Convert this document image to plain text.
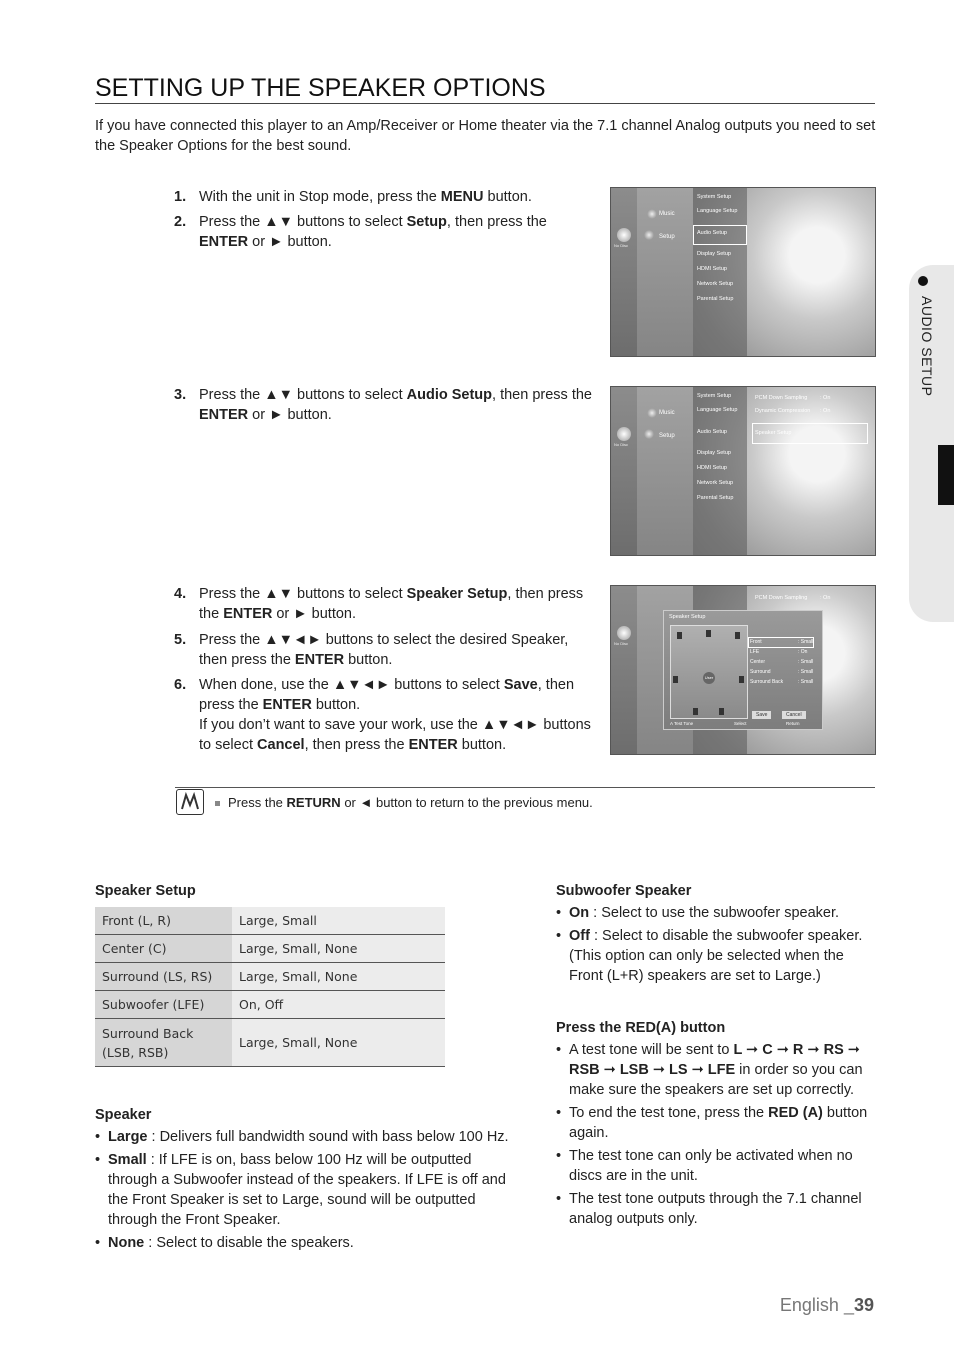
SETTING UP THE SPEAKER OPTIONS
If you have connected this player to an Amp/Receiver or Home theater via the 7.1 channel Analog outputs you need to set the Speaker Options for the best sound.
1. With the unit in Stop mode, press the MENU button.
2. Press the ▲▼ buttons to select Setup, then press the ENTER or ► button.
3. Press the ▲▼ buttons to select Audio Setup, then press the ENTER or ► button.
4. Press the ▲▼ buttons to select Speaker Setup, then press the ENTER or ► button.
5. Press the ▲▼◄► buttons to select the desired Speaker, then press the ENTER button.
6. When done, use the ▲▼◄► buttons to select Save, then press the ENTER button.
If you don’t want to save your work, use the ▲▼◄► buttons to select Cancel, then press the ENTER button.
No Disc
Music
Setup
System Setup
Language Setup
Audio Setup
Display Setup
HDMI Setup
Network Setup
Parental Setup
No Disc
Music
Setup
System Setup
Language Setup
Audio Setup
Display Setup
HDMI Setup
Network Setup
Parental Setup
PCM Down Sampling : On
Dynamic Compression : On
Speaker Setup
No Disc
PCM Down Sampling : On
Speaker Setup
User
Front	: Small
LFE	: On
Center	: Small
Surround	: Small
Surround Back	: Small
Save	Cancel
A Test Tone	Select	Return
Press the RETURN or ◄ button to return to the previous menu.
Speaker Setup
Front (L, R)	Large, Small
Center (C)	Large, Small, None
Surround (LS, RS)	Large, Small, None
Subwoofer (LFE)	On, Off
Surround Back (LSB, RSB)	Large, Small, None
Speaker
• Large : Delivers full bandwidth sound with bass below 100 Hz.
• Small : If LFE is on, bass below 100 Hz will be outputted through a Subwoofer instead of the speakers. If LFE is off and the Front Speaker is set to Large, sound will be outputted through the Front Speaker.
• None : Select to disable the speakers.
Subwoofer Speaker
• On : Select to use the subwoofer speaker.
• Off : Select to disable the subwoofer speaker.
(This option can only be selected when the Front (L+R) speakers are set to Large.)
Press the RED(A) button
• A test tone will be sent to L ➞ C ➞ R ➞ RS ➞ RSB ➞ LSB ➞ LS ➞ LFE in order so you can make sure the speakers are set up correctly.
• To end the test tone, press the RED (A) button again.
• The test tone can only be activated when no discs are in the unit.
• The test tone outputs through the 7.1 channel analog outputs only.
AUDIO SETUP
English _39
